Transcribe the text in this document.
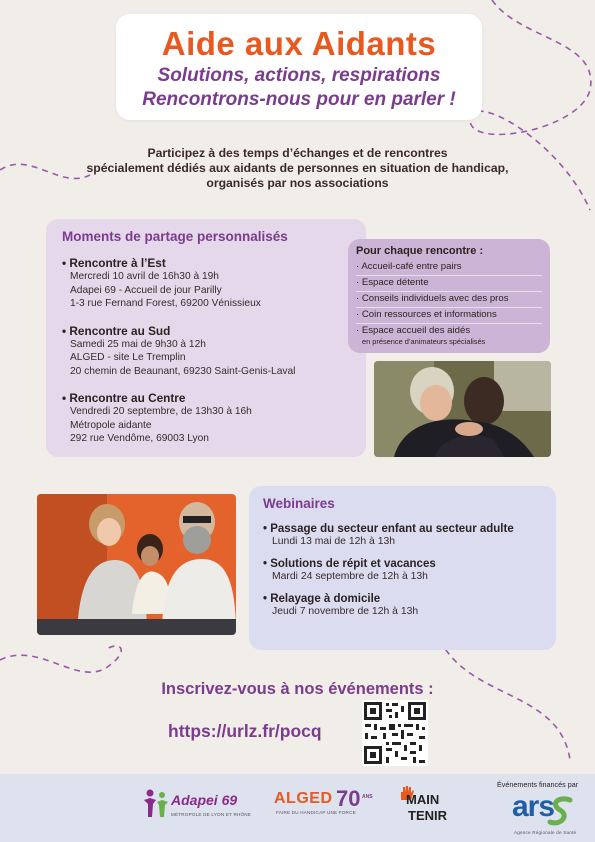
Aide aux Aidants
Solutions, actions, respirations
Rencontrons-nous pour en parler !
Participez à des temps d’échanges et de rencontres
spécialement dédiés aux aidants de personnes en situation de handicap,
organisés par nos associations
Moments de partage personnalisés
• Rencontre à l’Est
Mercredi 10 avril de 16h30 à 19h
Adapei 69 - Accueil de jour Parilly
1-3 rue Fernand Forest, 69200 Vénissieux
• Rencontre au Sud
Samedi 25 mai de 9h30 à 12h
ALGED - site Le Tremplin
20 chemin de Beaunant, 69230 Saint-Genis-Laval
• Rencontre au Centre
Vendredi 20 septembre, de 13h30 à 16h
Métropole aidante
292 rue Vendôme, 69003 Lyon
Pour chaque rencontre :
· Accueil-café entre pairs
· Espace détente
· Conseils individuels avec des pros
· Coin ressources et informations
· Espace accueil des aidés
en présence d’animateurs spécialisés
Webinaires
• Passage du secteur enfant au secteur adulte
Lundi 13 mai de 12h à 13h
• Solutions de répit et vacances
Mardi 24 septembre de 12h à 13h
• Relayage à domicile
Jeudi 7 novembre de 12h à 13h
Inscrivez-vous à nos événements :
https://urlz.fr/pocq
Adapei 69
MÉTROPOLE DE LYON ET RHÔNE
ALGED 70 ANS
FAIRE DU HANDICAP UNE FORCE
MAIN
TENIR
Événements financés par
ars
Agence Régionale de Santé
